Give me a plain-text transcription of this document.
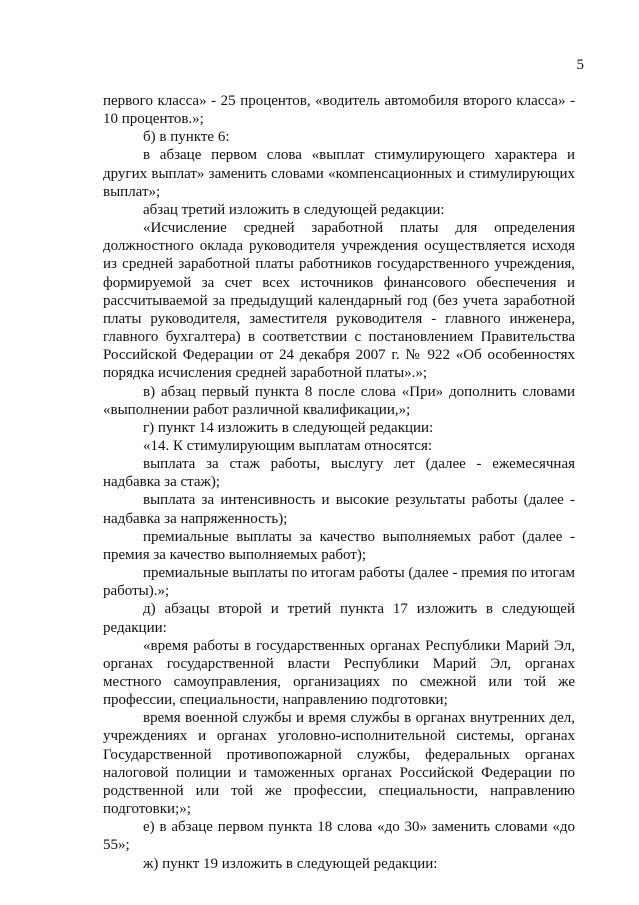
5

первого класса» - 25 процентов, «водитель автомобиля второго класса» - 10 процентов.»;

б) в пункте 6:

в абзаце первом слова «выплат стимулирующего характера и других выплат» заменить словами «компенсационных и стимулирующих выплат»;

абзац третий изложить в следующей редакции:

«Исчисление средней заработной платы для определения должностного оклада руководителя учреждения осуществляется исходя из средней заработной платы работников государственного учреждения, формируемой за счет всех источников финансового обеспечения и рассчитываемой за предыдущий календарный год (без учета заработной платы руководителя, заместителя руководителя - главного инженера, главного бухгалтера) в соответствии с постановлением Правительства Российской Федерации от 24 декабря 2007 г. № 922 «Об особенностях порядка исчисления средней заработной платы».»;

в) абзац первый пункта 8 после слова «При» дополнить словами «выполнении работ различной квалификации,»;

г) пункт 14 изложить в следующей редакции:

«14. К стимулирующим выплатам относятся:

выплата за стаж работы, выслугу лет (далее - ежемесячная надбавка за стаж);

выплата за интенсивность и высокие результаты работы (далее - надбавка за напряженность);

премиальные выплаты за качество выполняемых работ (далее - премия за качество выполняемых работ);

премиальные выплаты по итогам работы (далее - премия по итогам работы).»;

д) абзацы второй и третий пункта 17 изложить в следующей редакции:

«время работы в государственных органах Республики Марий Эл, органах государственной власти Республики Марий Эл, органах местного самоуправления, организациях по смежной или той же профессии, специальности, направлению подготовки;

время военной службы и время службы в органах внутренних дел, учреждениях и органах уголовно-исполнительной системы, органах Государственной противопожарной службы, федеральных органах налоговой полиции и таможенных органах Российской Федерации по родственной или той же профессии, специальности, направлению подготовки;»;

е) в абзаце первом пункта 18 слова «до 30» заменить словами «до 55»;

ж) пункт 19 изложить в следующей редакции:
